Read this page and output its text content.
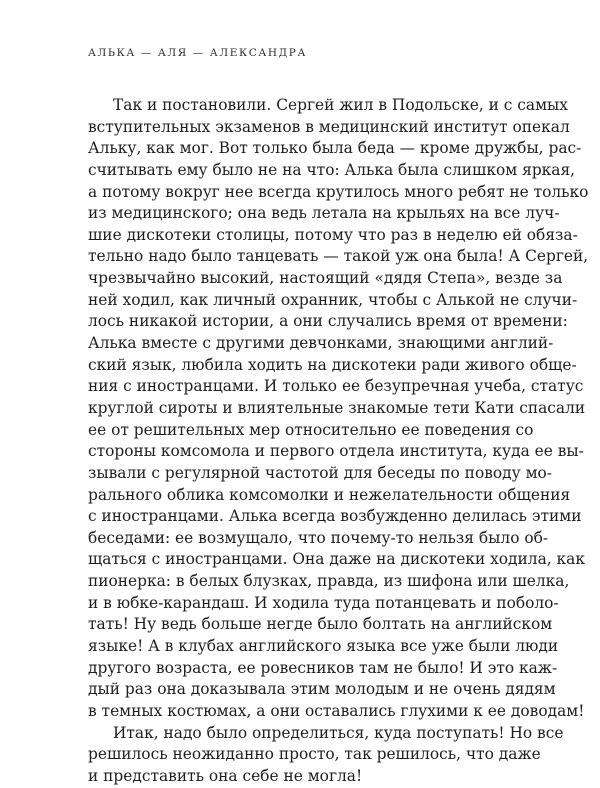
АЛЬКА — АЛЯ — АЛЕКСАНДРА
Так и постановили. Сергей жил в Подольске, и с самых
вступительных экзаменов в медицинский институт опекал
Альку, как мог. Вот только была беда — кроме дружбы, рас-
считывать ему было не на что: Алька была слишком яркая,
а потому вокруг нее всегда крутилось много ребят не только
из медицинского; она ведь летала на крыльях на все луч-
шие дискотеки столицы, потому что раз в неделю ей обяза-
тельно надо было танцевать — такой уж она была! А Сергей,
чрезвычайно высокий, настоящий «дядя Степа», везде за
ней ходил, как личный охранник, чтобы с Алькой не случи-
лось никакой истории, а они случались время от времени:
Алька вместе с другими девчонками, знающими англий-
ский язык, любила ходить на дискотеки ради живого обще-
ния с иностранцами. И только ее безупречная учеба, статус
круглой сироты и влиятельные знакомые тети Кати спасали
ее от решительных мер относительно ее поведения со
стороны комсомола и первого отдела института, куда ее вы-
зывали с регулярной частотой для беседы по поводу мо-
рального облика комсомолки и нежелательности общения
с иностранцами. Алька всегда возбужденно делилась этими
беседами: ее возмущало, что почему-то нельзя было об-
щаться с иностранцами. Она даже на дискотеки ходила, как
пионерка: в белых блузках, правда, из шифона или шелка,
и в юбке-карандаш. И ходила туда потанцевать и поболо-
тать! Ну ведь больше негде было болтать на английском
языке! А в клубах английского языка все уже были люди
другого возраста, ее ровесников там не было! И это каж-
дый раз она доказывала этим молодым и не очень дядям
в темных костюмах, а они оставались глухими к ее доводам!
Итак, надо было определиться, куда поступать! Но все
решилось неожиданно просто, так решилось, что даже
и представить она себе не могла!
